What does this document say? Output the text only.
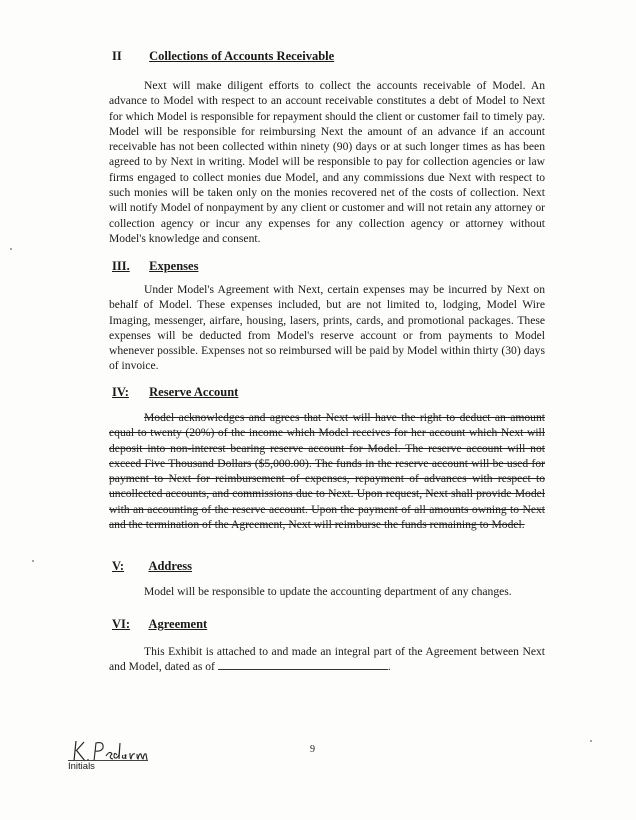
II Collections of Accounts Receivable
Next will make diligent efforts to collect the accounts receivable of Model. An advance to Model with respect to an account receivable constitutes a debt of Model to Next for which Model is responsible for repayment should the client or customer fail to timely pay. Model will be responsible for reimbursing Next the amount of an advance if an account receivable has not been collected within ninety (90) days or at such longer times as has been agreed to by Next in writing. Model will be responsible to pay for collection agencies or law firms engaged to collect monies due Model, and any commissions due Next with respect to such monies will be taken only on the monies recovered net of the costs of collection. Next will notify Model of nonpayment by any client or customer and will not retain any attorney or collection agency or incur any expenses for any collection agency or attorney without Model's knowledge and consent.
III. Expenses
Under Model's Agreement with Next, certain expenses may be incurred by Next on behalf of Model. These expenses included, but are not limited to, lodging, Model Wire Imaging, messenger, airfare, housing, lasers, prints, cards, and promotional packages. These expenses will be deducted from Model's reserve account or from payments to Model whenever possible. Expenses not so reimbursed will be paid by Model within thirty (30) days of invoice.
IV: Reserve Account
Model acknowledges and agrees that Next will have the right to deduct an amount equal to twenty (20%) of the income which Model receives for her account which Next will deposit into non-interest bearing reserve account for Model. The reserve account will not exceed Five Thousand Dollars ($5,000.00). The funds in the reserve account will be used for payment to Next for reimbursement of expenses, repayment of advances with respect to uncollected accounts, and commissions due to Next. Upon request, Next shall provide Model with an accounting of the reserve account. Upon the payment of all amounts owning to Next and the termination of the Agreement, Next will reimburse the funds remaining to Model.
V: Address
Model will be responsible to update the accounting department of any changes.
VI: Agreement
This Exhibit is attached to and made an integral part of the Agreement between Next and Model, dated as of	.
Initials
9
